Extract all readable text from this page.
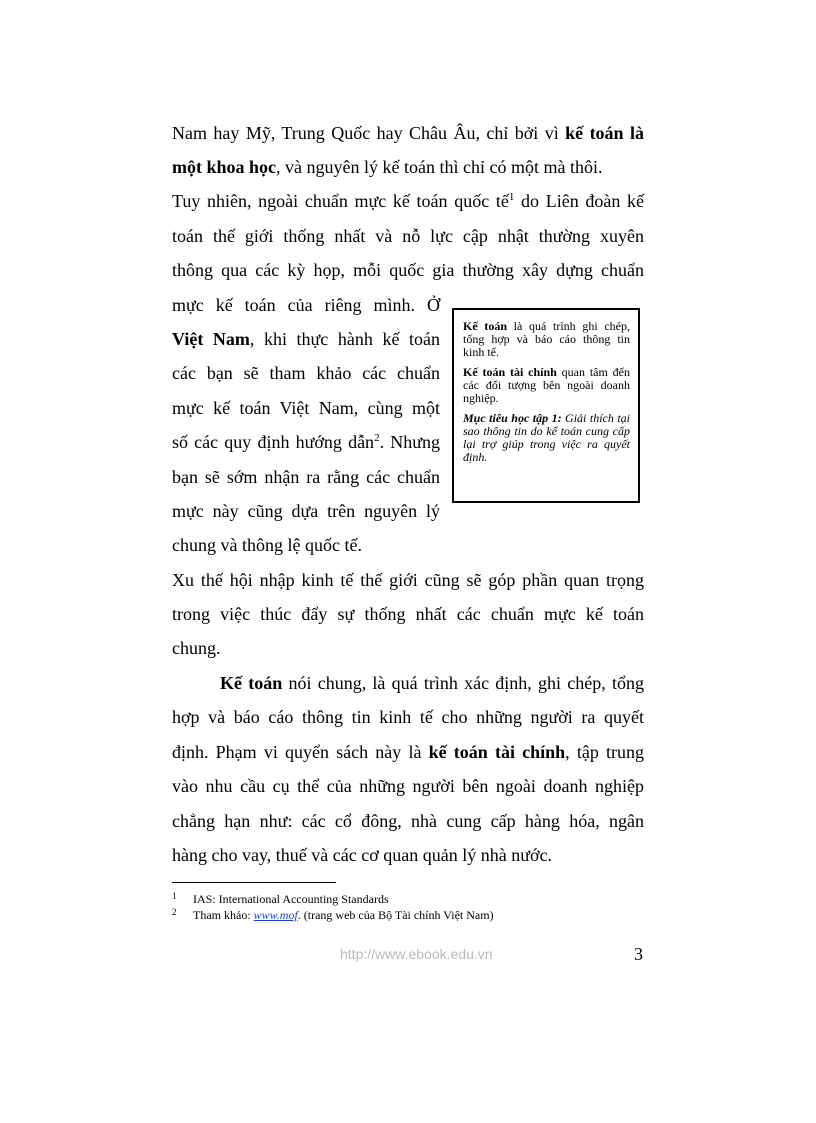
Nam hay Mỹ, Trung Quốc hay Châu Âu, chỉ bởi vì kế toán là
một khoa học, và nguyên lý kế toán thì chỉ có một mà thôi.
Tuy nhiên, ngoài chuẩn mực kế toán quốc tế$^1$ do Liên đoàn kế
toán thế giới thống nhất và nỗ lực cập nhật thường xuyên
thông qua các kỳ họp, mỗi quốc gia thường xây dựng chuẩn
mực kế toán của riêng mình. Ở
Việt Nam, khi thực hành kế toán
các bạn sẽ tham khảo các chuẩn
mực kế toán Việt Nam, cùng một
số các quy định hướng dẫn$^2$. Nhưng
bạn sẽ sớm nhận ra rằng các chuẩn
mực này cũng dựa trên nguyên lý
chung và thông lệ quốc tế.
Xu thế hội nhập kinh tế thế giới cũng sẽ góp phần quan trọng
trong việc thúc đẩy sự thống nhất các chuẩn mực kế toán
chung.
Kế toán nói chung, là quá trình xác định, ghi chép, tổng
hợp và báo cáo thông tin kinh tế cho những người ra quyết
định. Phạm vi quyển sách này là kế toán tài chính, tập trung
vào nhu cầu cụ thể của những người bên ngoài doanh nghiệp
chẳng hạn như: các cổ đông, nhà cung cấp hàng hóa, ngân
hàng cho vay, thuế và các cơ quan quản lý nhà nước.

Kế toán là quá trình ghi chép, tổng hợp và báo cáo thông tin kinh tế.

Kế toán tài chính quan tâm đến các đối tượng bên ngoài doanh nghiệp.

Mục tiêu học tập 1: Giải thích tại sao thông tin do kế toán cung cấp lại trợ giúp trong việc ra quyết định.

1 IAS: International Accounting Standards
2 Tham khảo: www.mof. (trang web của Bộ Tài chính Việt Nam)
http://www.ebook.edu.vn	3
